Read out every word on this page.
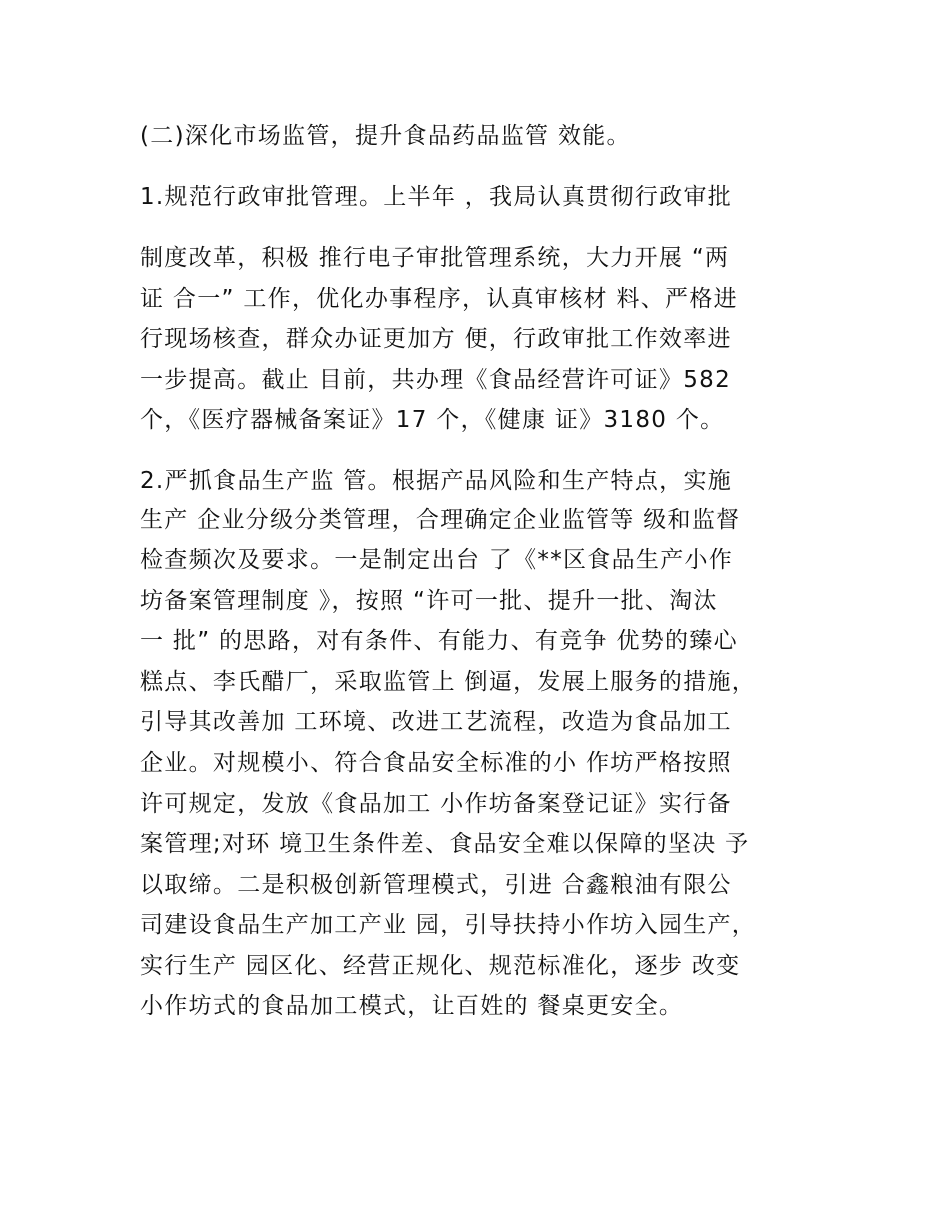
(二)深化市场监管，提升食品药品监管 效能。

1.规范行政审批管理。上半年 ，我局认真贯彻行政审批

制度改革，积极 推行电子审批管理系统，大力开展 “两

证 合一” 工作，优化办事程序，认真审核材 料、严格进

行现场核查，群众办证更加方 便，行政审批工作效率进

一步提高。截止 目前，共办理《食品经营许可证》582

个，《医疗器械备案证》17 个，《健康 证》3180 个。

2.严抓食品生产监 管。根据产品风险和生产特点，实施

生产 企业分级分类管理，合理确定企业监管等 级和监督

检查频次及要求。一是制定出台 了《**区食品生产小作

坊备案管理制度 》，按照 “许可一批、提升一批、淘汰

一 批” 的思路，对有条件、有能力、有竞争 优势的臻心

糕点、李氏醋厂，采取监管上 倒逼，发展上服务的措施，

引导其改善加 工环境、改进工艺流程，改造为食品加工

企业。对规模小、符合食品安全标准的小 作坊严格按照

许可规定，发放《食品加工 小作坊备案登记证》实行备

案管理;对环 境卫生条件差、食品安全难以保障的坚决 予

以取缔。二是积极创新管理模式，引进 合鑫粮油有限公

司建设食品生产加工产业 园，引导扶持小作坊入园生产，

实行生产 园区化、经营正规化、规范标准化，逐步 改变

小作坊式的食品加工模式，让百姓的 餐桌更安全。
